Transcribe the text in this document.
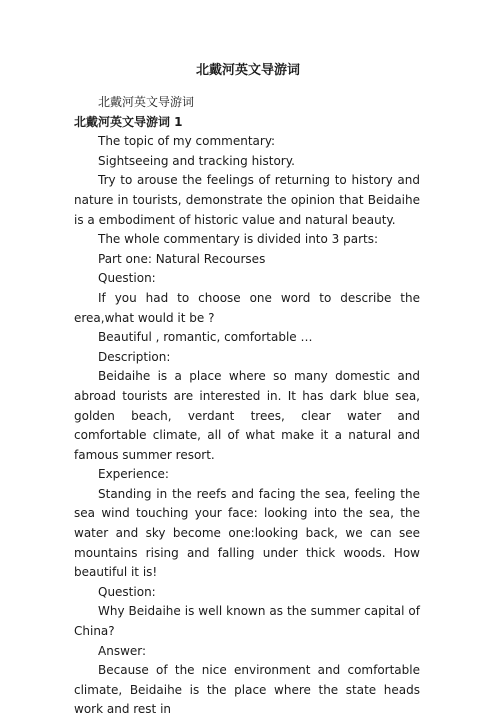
北戴河英文导游词

北戴河英文导游词

北戴河英文导游词 1

The topic of my commentary:

Sightseeing and tracking history.

Try to arouse the feelings of returning to history and nature in tourists, demonstrate the opinion that Beidaihe is a embodiment of historic value and natural beauty.

The whole commentary is divided into 3 parts:

Part one: Natural Recourses

Question:

If you had to choose one word to describe the erea,what would it be ?

Beautiful , romantic, comfortable …

Description:

Beidaihe is a place where so many domestic and abroad tourists are interested in. It has dark blue sea, golden beach, verdant trees, clear water and comfortable climate, all of what make it a natural and famous summer resort.

Experience:

Standing in the reefs and facing the sea, feeling the sea wind touching your face: looking into the sea, the water and sky become one:looking back, we can see mountains rising and falling under thick woods. How beautiful it is!

Question:

Why Beidaihe is well known as the summer capital of China?

Answer:

Because of the nice environment and comfortable climate, Beidaihe is the place where the state heads work and rest in
